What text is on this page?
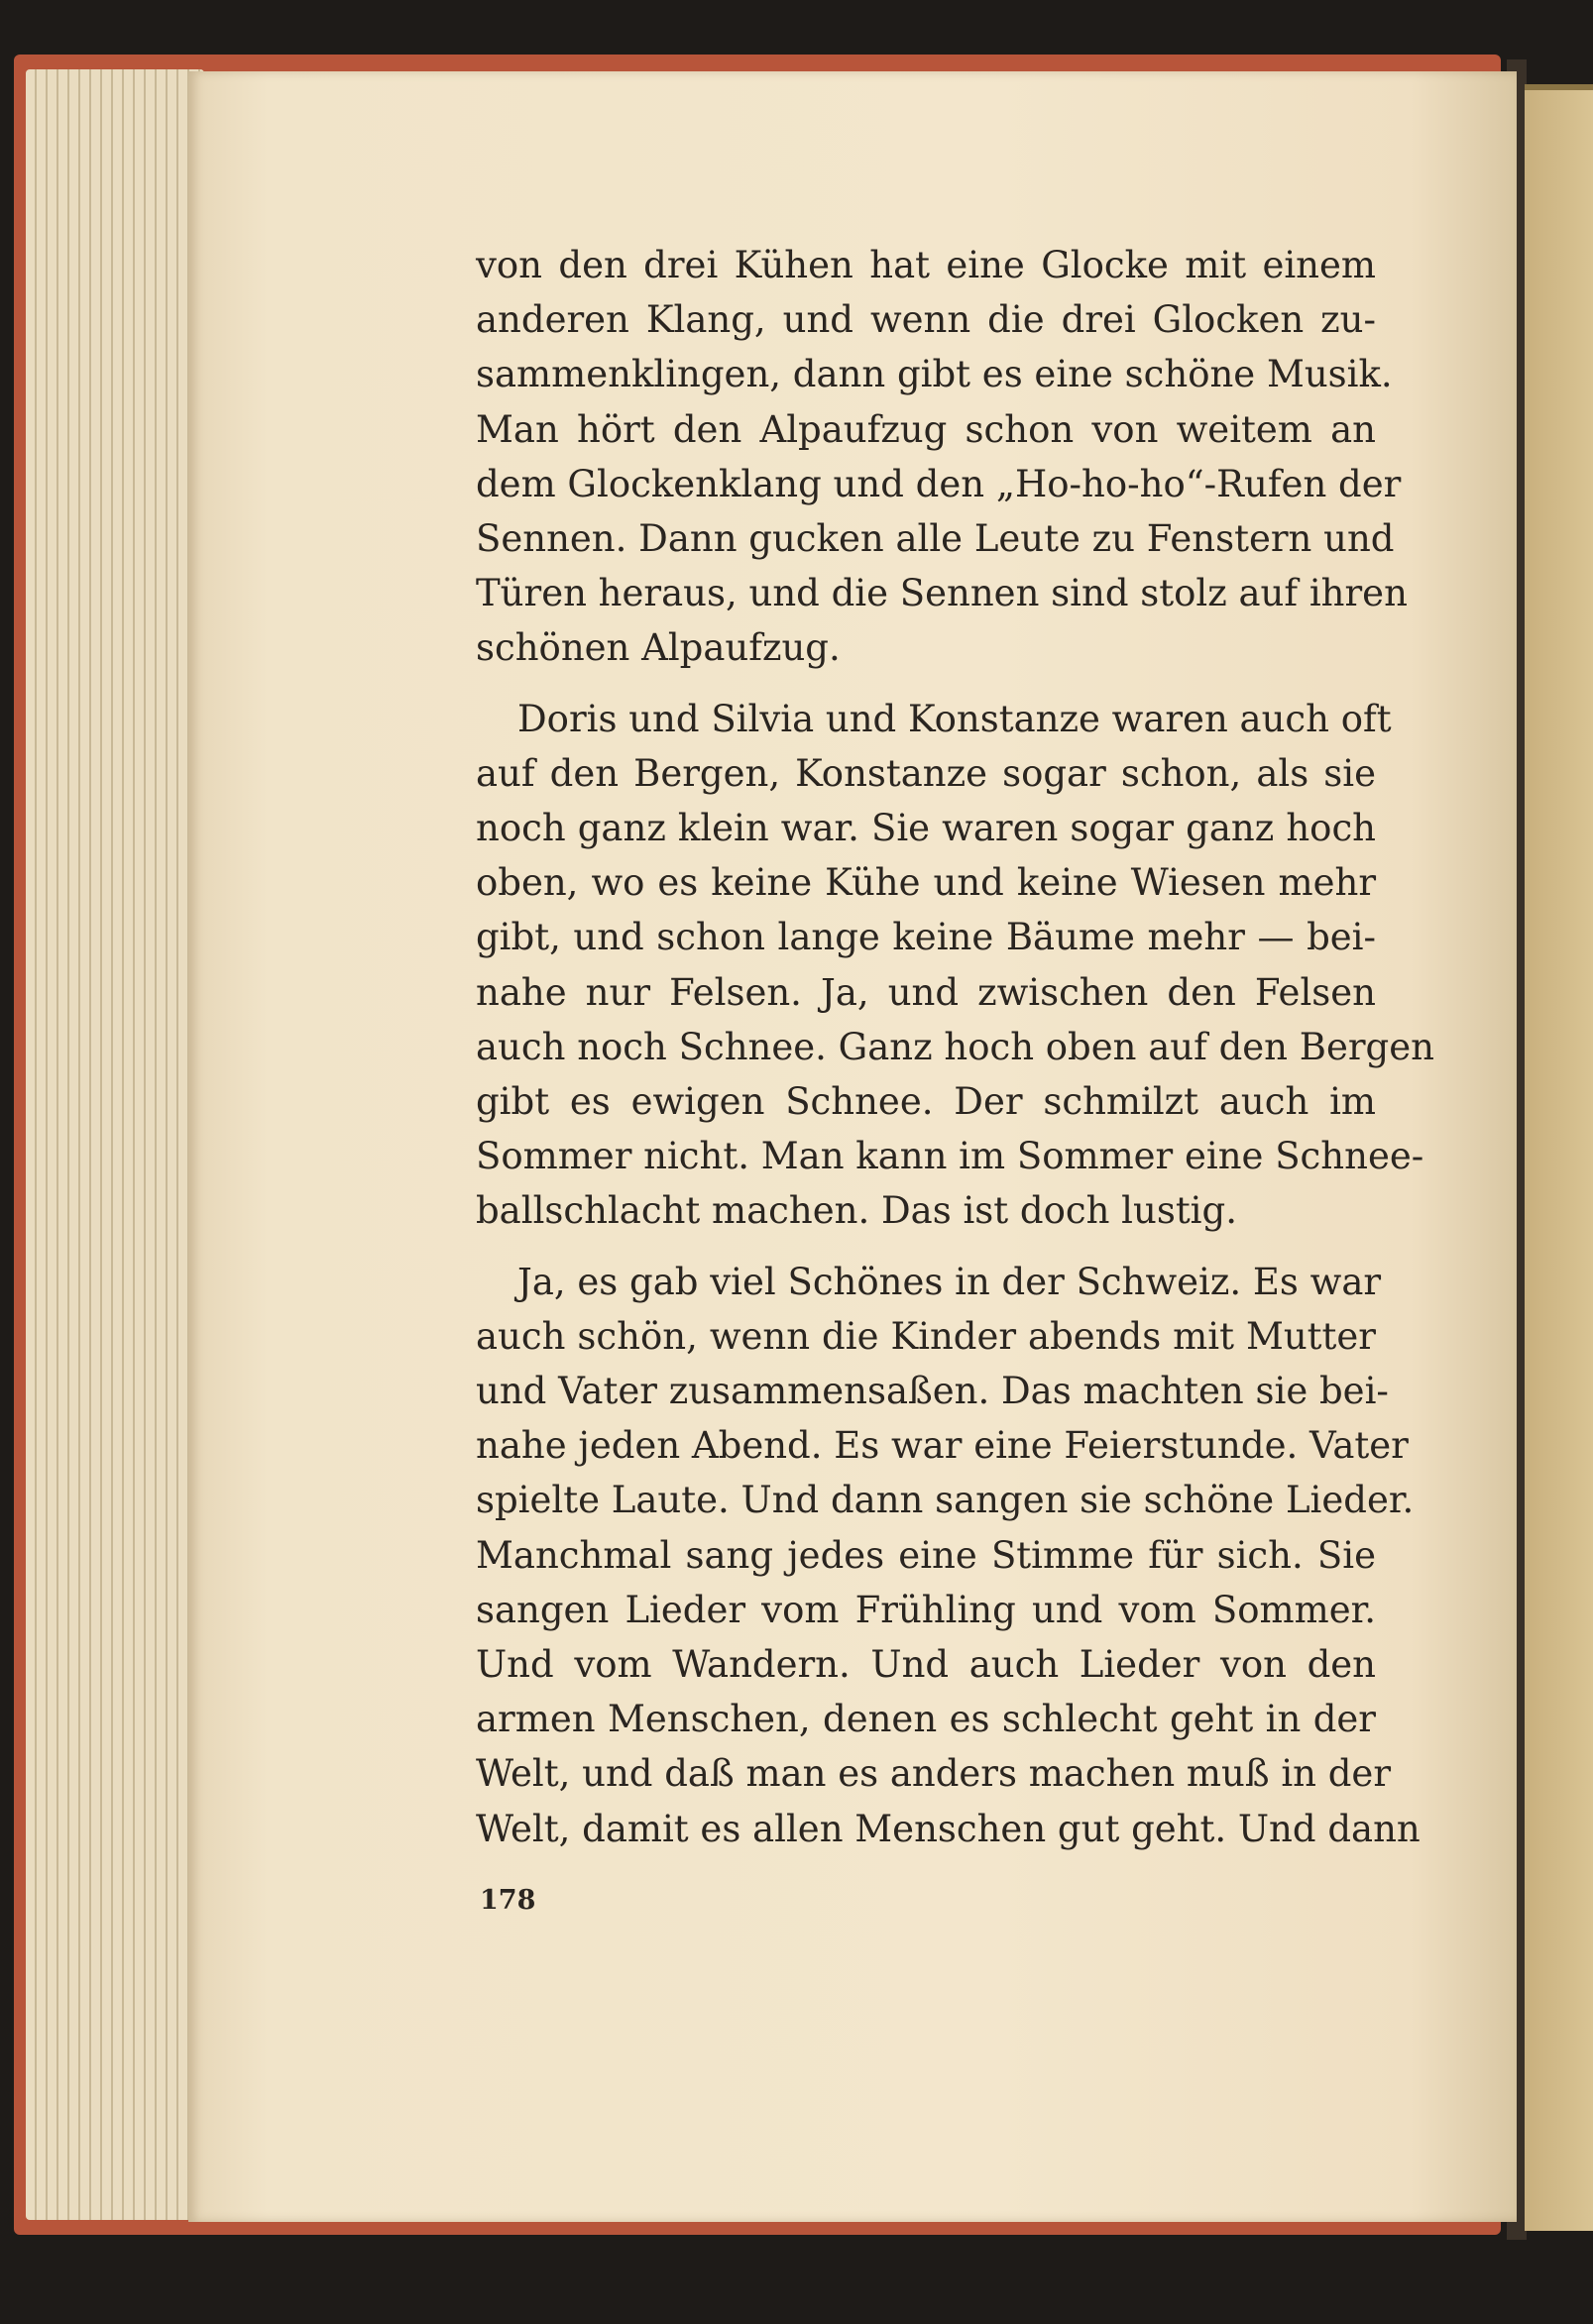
von den drei Kühen hat eine Glocke mit einem
anderen Klang, und wenn die drei Glocken zu-
sammenklingen, dann gibt es eine schöne Musik.
Man hört den Alpaufzug schon von weitem an
dem Glockenklang und den „Ho-ho-ho“-Rufen der
Sennen. Dann gucken alle Leute zu Fenstern und
Türen heraus, und die Sennen sind stolz auf ihren
schönen Alpaufzug.
Doris und Silvia und Konstanze waren auch oft
auf den Bergen, Konstanze sogar schon, als sie
noch ganz klein war. Sie waren sogar ganz hoch
oben, wo es keine Kühe und keine Wiesen mehr
gibt, und schon lange keine Bäume mehr — bei-
nahe nur Felsen. Ja, und zwischen den Felsen
auch noch Schnee. Ganz hoch oben auf den Bergen
gibt es ewigen Schnee. Der schmilzt auch im
Sommer nicht. Man kann im Sommer eine Schnee-
ballschlacht machen. Das ist doch lustig.
Ja, es gab viel Schönes in der Schweiz. Es war
auch schön, wenn die Kinder abends mit Mutter
und Vater zusammensaßen. Das machten sie bei-
nahe jeden Abend. Es war eine Feierstunde. Vater
spielte Laute. Und dann sangen sie schöne Lieder.
Manchmal sang jedes eine Stimme für sich. Sie
sangen Lieder vom Frühling und vom Sommer.
Und vom Wandern. Und auch Lieder von den
armen Menschen, denen es schlecht geht in der
Welt, und daß man es anders machen muß in der
Welt, damit es allen Menschen gut geht. Und dann
178
